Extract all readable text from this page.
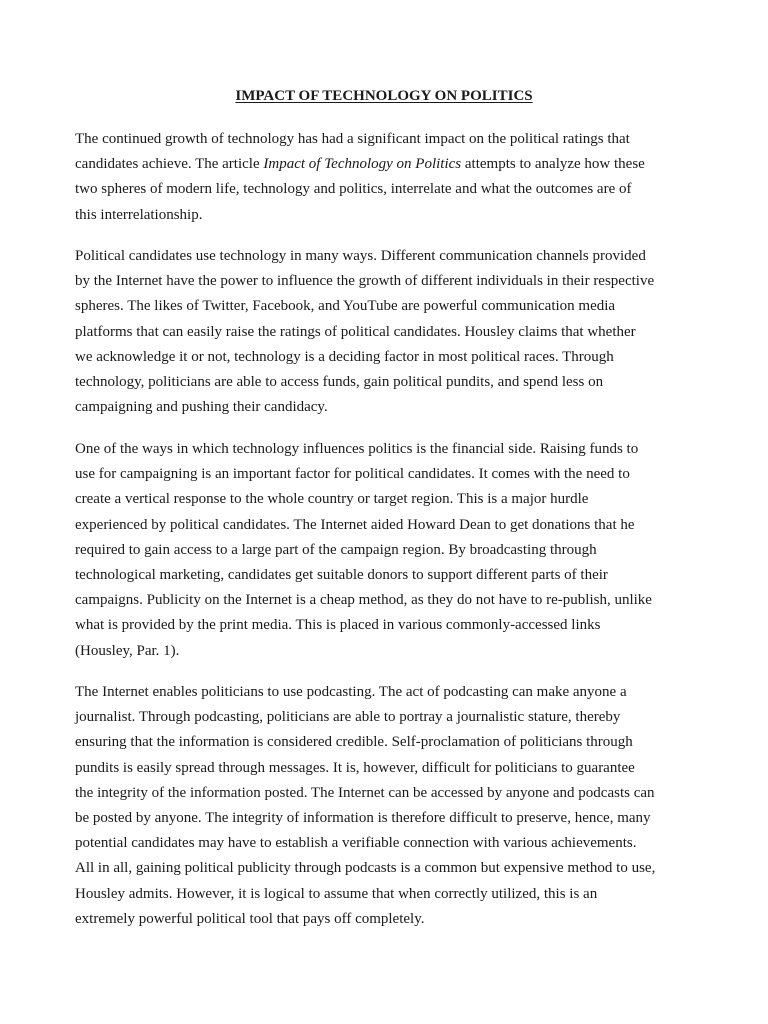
IMPACT OF TECHNOLOGY ON POLITICS

The continued growth of technology has had a significant impact on the political ratings that
candidates achieve. The article Impact of Technology on Politics attempts to analyze how these
two spheres of modern life, technology and politics, interrelate and what the outcomes are of
this interrelationship.

Political candidates use technology in many ways. Different communication channels provided
by the Internet have the power to influence the growth of different individuals in their respective
spheres. The likes of Twitter, Facebook, and YouTube are powerful communication media
platforms that can easily raise the ratings of political candidates. Housley claims that whether
we acknowledge it or not, technology is a deciding factor in most political races. Through
technology, politicians are able to access funds, gain political pundits, and spend less on
campaigning and pushing their candidacy.

One of the ways in which technology influences politics is the financial side. Raising funds to
use for campaigning is an important factor for political candidates. It comes with the need to
create a vertical response to the whole country or target region. This is a major hurdle
experienced by political candidates. The Internet aided Howard Dean to get donations that he
required to gain access to a large part of the campaign region. By broadcasting through
technological marketing, candidates get suitable donors to support different parts of their
campaigns. Publicity on the Internet is a cheap method, as they do not have to re-publish, unlike
what is provided by the print media. This is placed in various commonly-accessed links
(Housley, Par. 1).

The Internet enables politicians to use podcasting. The act of podcasting can make anyone a
journalist. Through podcasting, politicians are able to portray a journalistic stature, thereby
ensuring that the information is considered credible. Self-proclamation of politicians through
pundits is easily spread through messages. It is, however, difficult for politicians to guarantee
the integrity of the information posted. The Internet can be accessed by anyone and podcasts can
be posted by anyone. The integrity of information is therefore difficult to preserve, hence, many
potential candidates may have to establish a verifiable connection with various achievements.
All in all, gaining political publicity through podcasts is a common but expensive method to use,
Housley admits. However, it is logical to assume that when correctly utilized, this is an
extremely powerful political tool that pays off completely.
